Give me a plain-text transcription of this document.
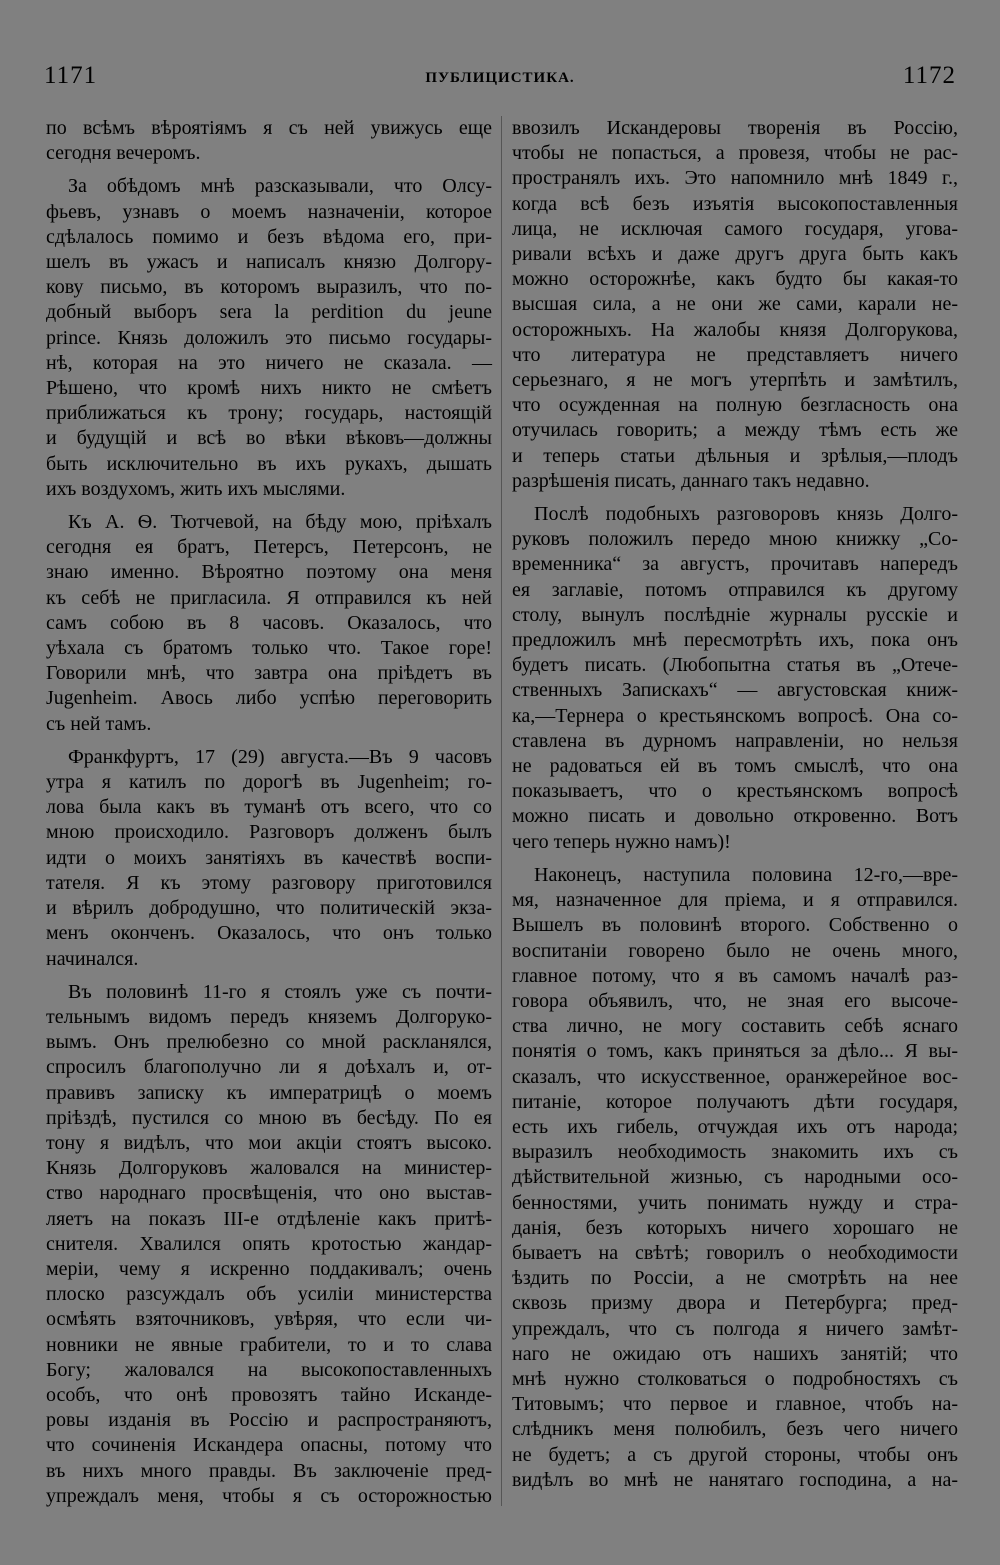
1171	ПУБЛИЦИСТИКА.	1172

по всѣмъ вѣроятіямъ я съ ней увижусь еще

сегодня вечеромъ.

За обѣдомъ мнѣ разсказывали, что Олсу-

фьевъ, узнавъ о моемъ назначеніи, которое

сдѣлалось помимо и безъ вѣдома его, при-

шелъ въ ужасъ и написалъ князю Долгору-

кову письмо, въ которомъ выразилъ, что по-

добный выборъ sera la perdition du jeune

prince. Князь доложилъ это письмо государы-

нѣ, которая на это ничего не сказала. —

Рѣшено, что кромѣ нихъ никто не смѣетъ

приближаться къ трону; государь, настоящій

и будущій и всѣ во вѣки вѣковъ—должны

быть исключительно въ ихъ рукахъ, дышать

ихъ воздухомъ, жить ихъ мыслями.

Къ А. Ѳ. Тютчевой, на бѣду мою, пріѣхалъ

сегодня ея братъ, Петерсъ, Петерсонъ, не

знаю именно. Вѣроятно поэтому она меня

къ себѣ не пригласила. Я отправился къ ней

самъ собою въ 8 часовъ. Оказалось, что

уѣхала съ братомъ только что. Такое горе!

Говорили мнѣ, что завтра она пріѣдетъ въ

Jugenheim. Авось либо успѣю переговорить

съ ней тамъ.

Франкфуртъ, 17 (29) августа.—Въ 9 часовъ

утра я катилъ по дорогѣ въ Jugenheim; го-

лова была какъ въ туманѣ отъ всего, что со

мною происходило. Разговоръ долженъ былъ

идти о моихъ занятіяхъ въ качествѣ воспи-

тателя. Я къ этому разговору приготовился

и вѣрилъ добродушно, что политическій экза-

менъ оконченъ. Оказалось, что онъ только

начинался.

Въ половинѣ 11-го я стоялъ уже съ почти-

тельнымъ видомъ передъ княземъ Долгоруко-

вымъ. Онъ прелюбезно со мной раскланялся,

спросилъ благополучно ли я доѣхалъ и, от-

правивъ записку къ императрицѣ о моемъ

пріѣздѣ, пустился со мною въ бесѣду. По ея

тону я видѣлъ, что мои акціи стоятъ высоко.

Князь Долгоруковъ жаловался на министер-

ство народнаго просвѣщенія, что оно выстав-

ляетъ на показъ III-е отдѣленіе какъ притѣ-

снителя. Хвалился опять кротостью жандар-

меріи, чему я искренно поддакивалъ; очень

плоско разсуждалъ объ усиліи министерства

осмѣять взяточниковъ, увѣряя, что если чи-

новники не явные грабители, то и то слава

Богу; жаловался на высокопоставленныхъ

особъ, что онѣ провозятъ тайно Искандe-

ровы изданія въ Россію и распространяютъ,

что сочиненія Искандера опасны, потому что

въ нихъ много правды. Въ заключеніе пред-

упреждалъ меня, чтобы я съ осторожностью

ввозилъ Искандеровы творенія въ Россію,

чтобы не попасться, а провезя, чтобы не рас-

пространялъ ихъ. Это напомнило мнѣ 1849 г.,

когда всѣ безъ изъятія высокопоставленныя

лица, не исключая самого государя, угова-

ривали всѣхъ и даже другъ друга быть какъ

можно осторожнѣе, какъ будто бы какая-то

высшая сила, а не они же сами, карали не-

осторожныхъ. На жалобы князя Долгорукова,

что литература не представляетъ ничего

серьезнаго, я не могъ утерпѣть и замѣтилъ,

что осужденная на полную безгласность она

отучилась говорить; а между тѣмъ есть же

и теперь статьи дѣльныя и зрѣлыя,—плодъ

разрѣшенія писать, даннаго такъ недавно.

Послѣ подобныхъ разговоровъ князь Долго-

руковъ положилъ передо мною книжку „Со-

временника“ за августъ, прочитавъ напередъ

ея заглавіе, потомъ отправился къ другому

столу, вынулъ послѣдніе журналы русскіе и

предложилъ мнѣ пересмотрѣть ихъ, пока онъ

будетъ писать. (Любопытна статья въ „Отече-

ственныхъ Запискахъ“ — августовская книж-

ка,—Тернера о крестьянскомъ вопросѣ. Она со-

ставлена въ дурномъ направленіи, но нельзя

не радоваться ей въ томъ смыслѣ, что она

показываетъ, что о крестьянскомъ вопросѣ

можно писать и довольно откровенно. Вотъ

чего теперь нужно намъ)!

Наконецъ, наступила половина 12-го,—вре-

мя, назначенное для пріема, и я отправился.

Вышелъ въ половинѣ второго. Собственно о

воспитаніи говорено было не очень много,

главное потому, что я въ самомъ началѣ раз-

говора объявилъ, что, не зная его высоче-

ства лично, не могу составить себѣ яснаго

понятія о томъ, какъ приняться за дѣло... Я вы-

сказалъ, что искусственное, оранжерейное вос-

питаніе, которое получаютъ дѣти государя,

есть ихъ гибель, отчуждая ихъ отъ народа;

выразилъ необходимость знакомить ихъ съ

дѣйствительной жизнью, съ народными осо-

бенностями, учить понимать нужду и стра-

данія, безъ которыхъ ничего хорошаго не

бываетъ на свѣтѣ; говорилъ о необходимости

ѣздить по Россіи, а не смотрѣть на нее

сквозь призму двора и Петербурга; пред-

упреждалъ, что съ полгода я ничего замѣт-

наго не ожидаю отъ нашихъ занятій; что

мнѣ нужно столковаться о подробностяхъ съ

Титовымъ; что первое и главное, чтобъ на-

слѣдникъ меня полюбилъ, безъ чего ничего

не будетъ; а съ другой стороны, чтобы онъ

видѣлъ во мнѣ не нанятаго господина, а на-
